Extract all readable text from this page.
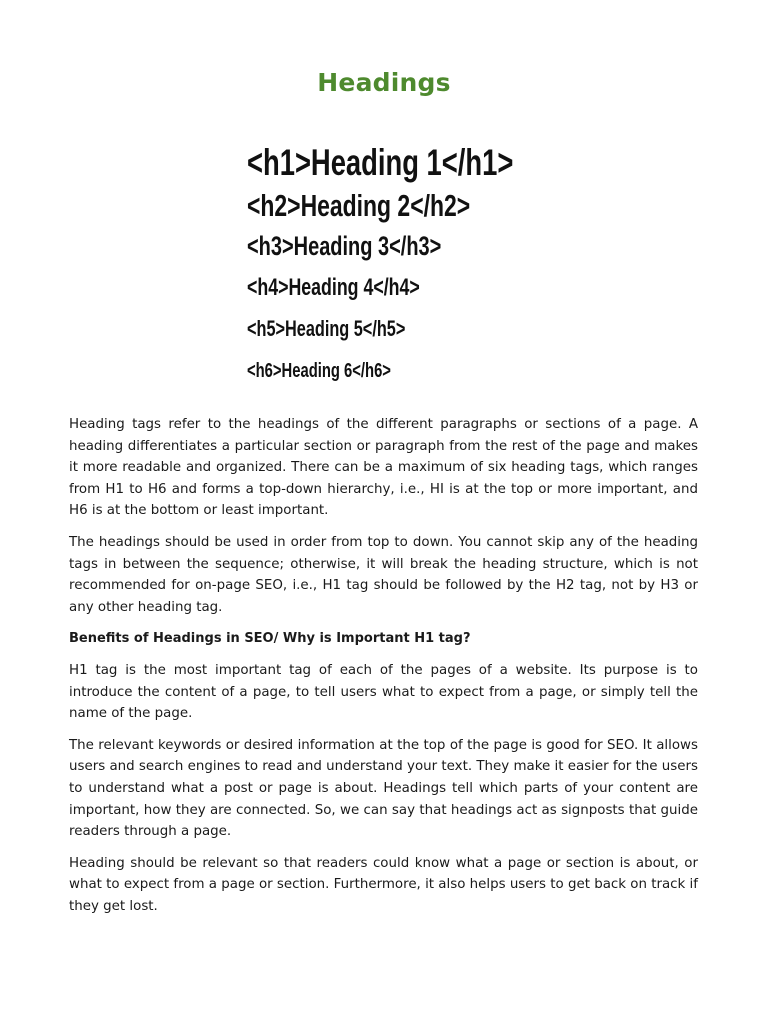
Headings
<h1>Heading 1</h1>
<h2>Heading 2</h2>
<h3>Heading 3</h3>
<h4>Heading 4</h4>
<h5>Heading 5</h5>
<h6>Heading 6</h6>

Heading tags refer to the headings of the different paragraphs or sections of a page. A heading differentiates a particular section or paragraph from the rest of the page and makes it more readable and organized. There can be a maximum of six heading tags, which ranges from H1 to H6 and forms a top-down hierarchy, i.e., HI is at the top or more important, and H6 is at the bottom or least important.

The headings should be used in order from top to down. You cannot skip any of the heading tags in between the sequence; otherwise, it will break the heading structure, which is not recommended for on-page SEO, i.e., H1 tag should be followed by the H2 tag, not by H3 or any other heading tag.

Benefits of Headings in SEO/ Why is Important H1 tag?

H1 tag is the most important tag of each of the pages of a website. Its purpose is to introduce the content of a page, to tell users what to expect from a page, or simply tell the name of the page.

The relevant keywords or desired information at the top of the page is good for SEO. It allows users and search engines to read and understand your text. They make it easier for the users to understand what a post or page is about. Headings tell which parts of your content are important, how they are connected. So, we can say that headings act as signposts that guide readers through a page.

Heading should be relevant so that readers could know what a page or section is about, or what to expect from a page or section. Furthermore, it also helps users to get back on track if they get lost.
